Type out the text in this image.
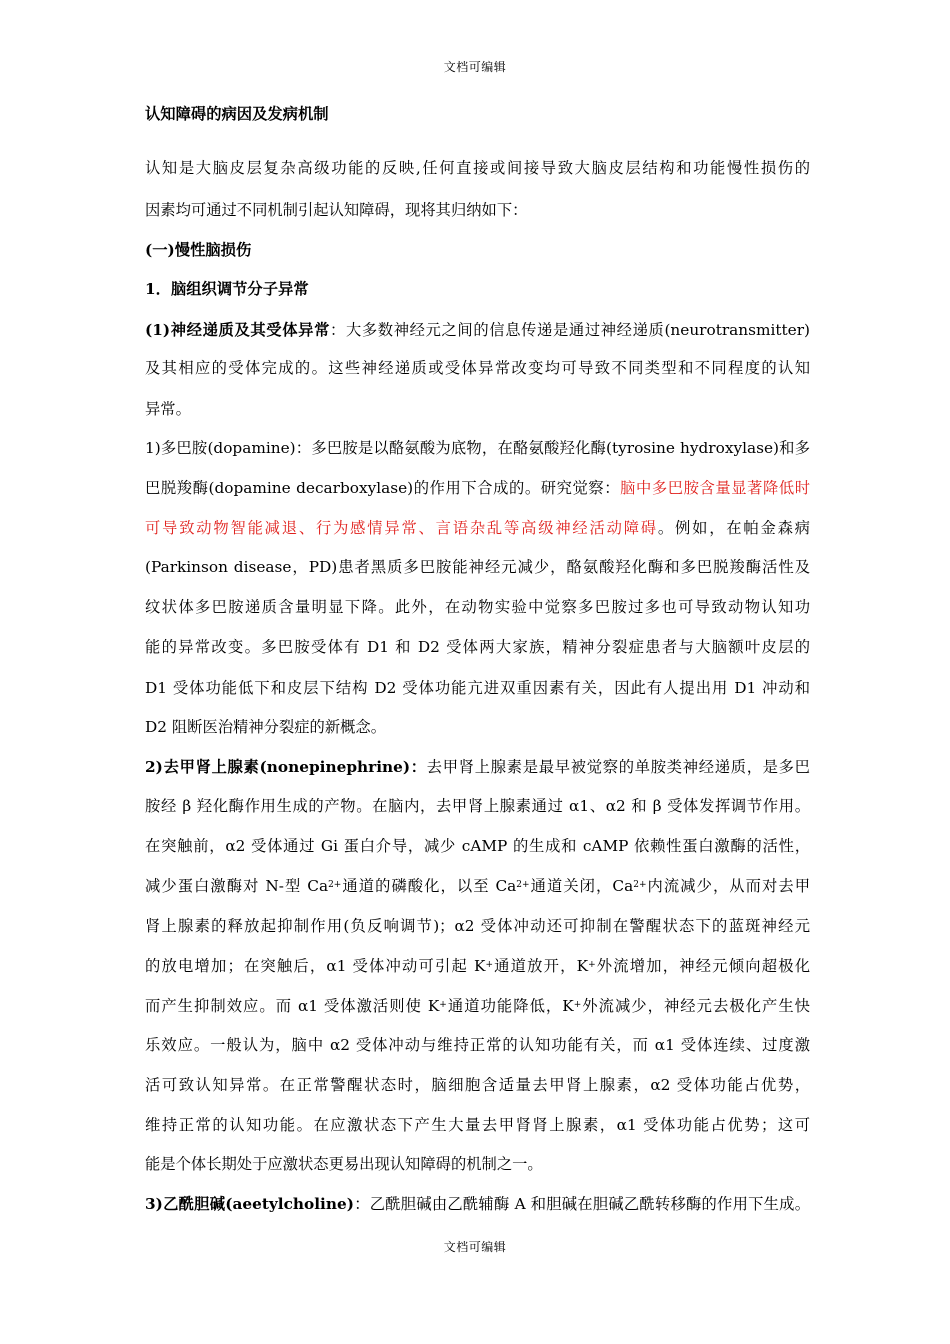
文档可编辑
认知障碍的病因及发病机制
认知是大脑皮层复杂高级功能的反映,任何直接或间接导致大脑皮层结构和功能慢性损伤的
因素均可通过不同机制引起认知障碍，现将其归纳如下：
(一)慢性脑损伤
1．脑组织调节分子异常
(1)神经递质及其受体异常：大多数神经元之间的信息传递是通过神经递质(neurotransmitter)
及其相应的受体完成的。这些神经递质或受体异常改变均可导致不同类型和不同程度的认知
异常。
1)多巴胺(dopamine)：多巴胺是以酪氨酸为底物，在酪氨酸羟化酶(tyrosine hydroxylase)和多
巴脱羧酶(dopamine decarboxylase)的作用下合成的。研究觉察：脑中多巴胺含量显著降低时
可导致动物智能减退、行为感情异常、言语杂乱等高级神经活动障碍。例如，在帕金森病
(Parkinson disease，PD)患者黑质多巴胺能神经元减少，酪氨酸羟化酶和多巴脱羧酶活性及
纹状体多巴胺递质含量明显下降。此外，在动物实验中觉察多巴胺过多也可导致动物认知功
能的异常改变。多巴胺受体有 D1 和 D2 受体两大家族，精神分裂症患者与大脑额叶皮层的
D1 受体功能低下和皮层下结构 D2 受体功能亢进双重因素有关，因此有人提出用 D1 冲动和
D2 阻断医治精神分裂症的新概念。
2)去甲肾上腺素(nonepinephrine)：去甲肾上腺素是最早被觉察的单胺类神经递质，是多巴
胺经 β 羟化酶作用生成的产物。在脑内，去甲肾上腺素通过 α1、α2 和 β 受体发挥调节作用。
在突触前，α2 受体通过 Gi 蛋白介导，减少 cAMP 的生成和 cAMP 依赖性蛋白激酶的活性，
减少蛋白激酶对 N-型 $Ca^{2+}$通道的磷酸化，以至 $Ca^{2+}$通道关闭，$Ca^{2+}$内流减少，从而对去甲
肾上腺素的释放起抑制作用(负反响调节)；α2 受体冲动还可抑制在警醒状态下的蓝斑神经元
的放电增加；在突触后，α1 受体冲动可引起 K+通道放开，K+外流增加，神经元倾向超极化
而产生抑制效应。而 α1 受体激活则使 K+通道功能降低，K+外流减少，神经元去极化产生快
乐效应。一般认为，脑中 α2 受体冲动与维持正常的认知功能有关，而 α1 受体连续、过度激
活可致认知异常。在正常警醒状态时，脑细胞含适量去甲肾上腺素，α2 受体功能占优势，
维持正常的认知功能。在应激状态下产生大量去甲肾肾上腺素，α1 受体功能占优势；这可
能是个体长期处于应激状态更易出现认知障碍的机制之一。
3)乙酰胆碱(aeetylcholine)：乙酰胆碱由乙酰辅酶 A 和胆碱在胆碱乙酰转移酶的作用下生成。
文档可编辑
